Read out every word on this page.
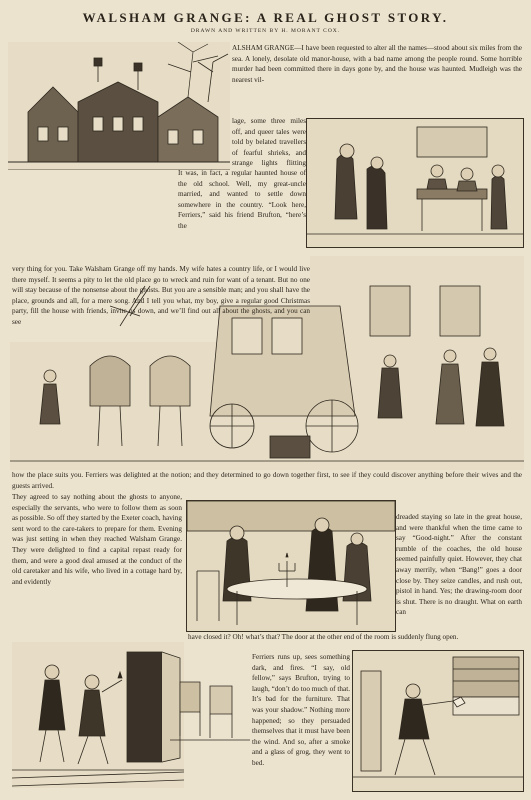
WALSHAM GRANGE: A REAL GHOST STORY.
DRAWN AND WRITTEN BY H. MORANT COX.

ALSHAM GRANGE—I have been requested to alter all the names—stood about six miles from the sea. A lonely, desolate old manor-house, with a bad name among the people round. Some horrible murder had been committed there in days gone by, and the house was haunted. Mudleigh was the nearest vil-

lage, some three miles off, and queer tales were told by belated travellers of fearful shrieks, and strange lights flitting

It was, in fact, a regular haunted house of the old school. Well, my great-uncle married, and wanted to settle down somewhere in the country. “Look here, Ferriers,” said his friend Brufton, “here’s the

very thing for you. Take Walsham Grange off my hands. My wife hates a country life, or I would live there myself. It seems a pity to let the old place go to wreck and ruin for want of a tenant. But no one will stay because of the nonsense about the ghosts. But you are a sensible man; and you shall have the place, grounds and all, for a mere song. And I tell you what, my boy, give a regular good Christmas party, fill the house with friends, invite us down, and we’ll find out all about the ghosts, and you can see

how the place suits you. Ferriers was delighted at the notion; and they determined to go down together first, to see if they could discover anything before their wives and the guests arrived.

They agreed to say nothing about the ghosts to anyone, especially the servants, who were to follow them as soon as possible. So off they started by the Exeter coach, having sent word to the care-takers to prepare for them. Evening was just setting in when they reached Walsham Grange. They were delighted to find a capital repast ready for them, and were a good deal amused at the conduct of the old caretaker and his wife, who lived in a cottage hard by, and evidently

dreaded staying so late in the great house, and were thankful when the time came to say “Good-night.” After the constant rumble of the coaches, the old house seemed painfully quiet. However, they chat away merrily, when “Bang!” goes a door close by. They seize candles, and rush out, pistol in hand. Yes; the drawing-room door is shut. There is no draught. What on earth can

have closed it? Oh! what’s that? The door at the other end of the room is suddenly flung open.

Ferriers runs up, sees something dark, and fires. “I say, old fellow,” says Brufton, trying to laugh, “don’t do too much of that. It’s bad for the furniture. That was your shadow.” Nothing more happened; so they persuaded themselves that it must have been the wind. And so, after a smoke and a glass of grog, they went to bed.
